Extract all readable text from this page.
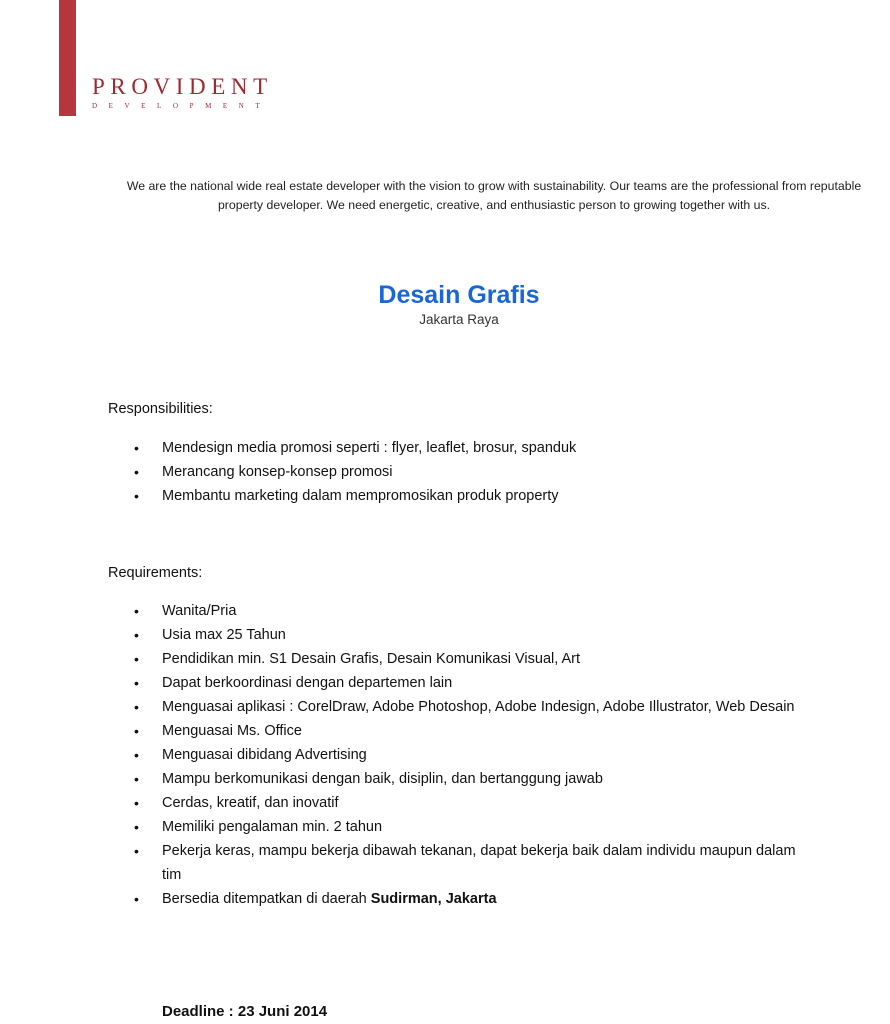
PROVIDENT
DEVELOPMENT
We are the national wide real estate developer with the vision to grow with sustainability. Our teams are the professional from reputable property developer. We need energetic, creative, and enthusiastic person to growing together with us.
Desain Grafis
Jakarta Raya
Responsibilities:
• Mendesign media promosi seperti : flyer, leaflet, brosur, spanduk
• Merancang konsep-konsep promosi
• Membantu marketing dalam mempromosikan produk property
Requirements:
• Wanita/Pria
• Usia max 25 Tahun
• Pendidikan min. S1 Desain Grafis, Desain Komunikasi Visual, Art
• Dapat berkoordinasi dengan departemen lain
• Menguasai aplikasi : CorelDraw, Adobe Photoshop, Adobe Indesign, Adobe Illustrator, Web Desain
• Menguasai Ms. Office
• Menguasai dibidang Advertising
• Mampu berkomunikasi dengan baik, disiplin, dan bertanggung jawab
• Cerdas, kreatif, dan inovatif
• Memiliki pengalaman min. 2 tahun
• Pekerja keras, mampu bekerja dibawah tekanan, dapat bekerja baik dalam individu maupun dalam tim
• Bersedia ditempatkan di daerah Sudirman, Jakarta
Deadline : 23 Juni 2014
